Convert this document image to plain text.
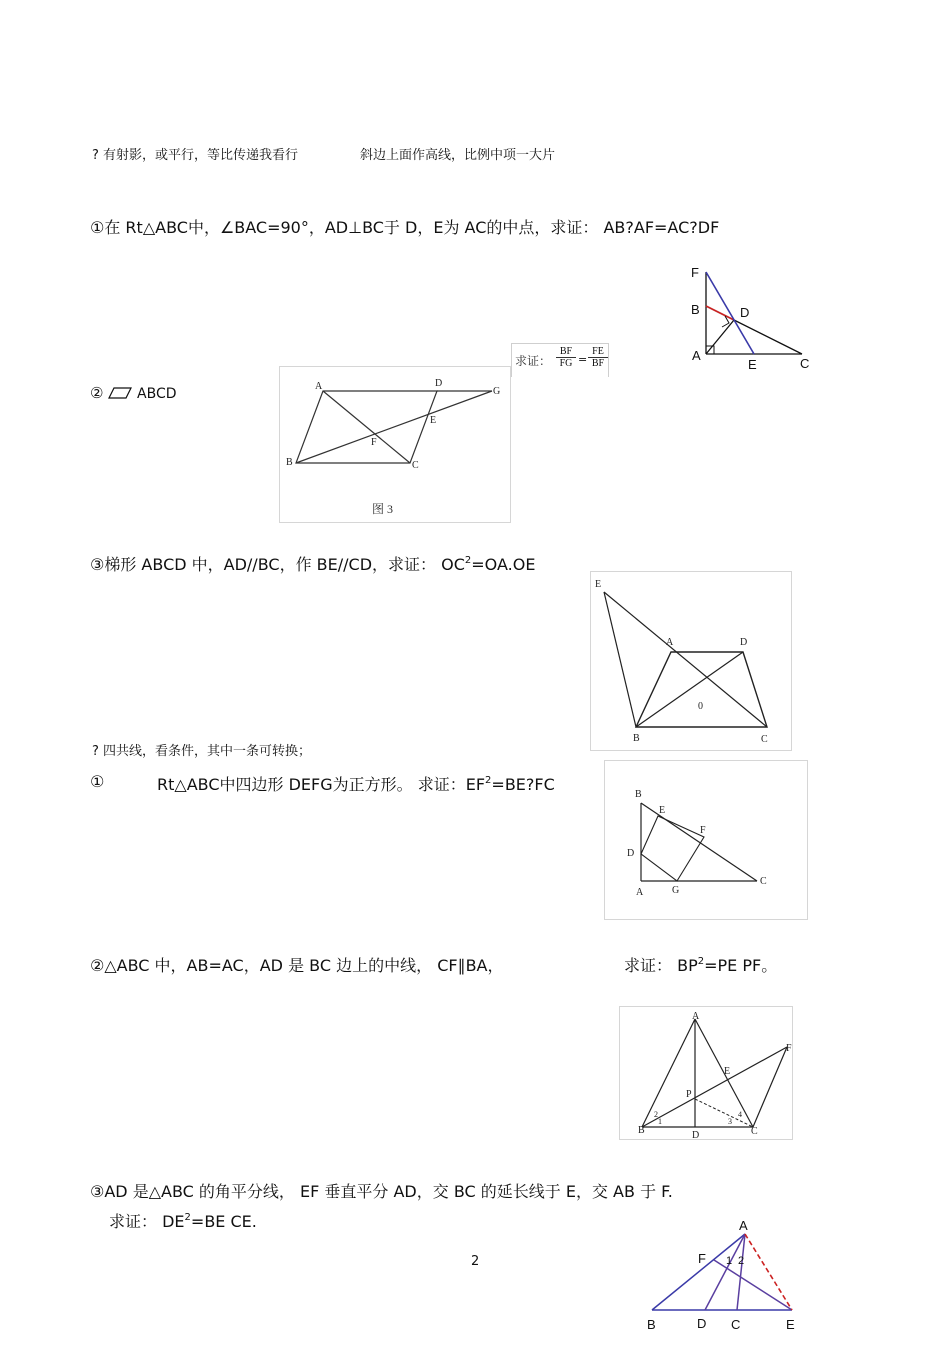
? 有射影，或平行，等比传递我看行	斜边上面作高线，比例中项一大片
①在 Rt△ABC中，∠BAC=90°，AD⊥BC于 D，E为 AC的中点，求证： AB?AF=AC?DF
F
B	D
A
E	C
求证： $\frac{BF}{FG} = \frac{FE}{BF}$
② ABCD	A	D
G
E
F
B	C
图 3
③梯形 ABCD 中，AD//BC，作 BE//CD，求证： $OC^2=OA.OE$
E
A	D
0
B	C
? 四共线，看条件，其中一条可转换；
①	Rt△ABC中四边形 DEFG为正方形。 求证：$EF^2=BE?FC$
B
E
F
D
A	G
C
②△ABC 中，AB=AC，AD 是 BC 边上的中线， CF∥BA，	求证： $BP^2=PE$ PF。
A
F
E
P
B	D	C
1
2
3
4
③AD 是△ABC 的角平分线， EF 垂直平分 AD，交 BC 的延长线于 E，交 AB 于 F.
求证： $DE^2=BE$ CE.
2
A
F 1 2
B	D C	E
